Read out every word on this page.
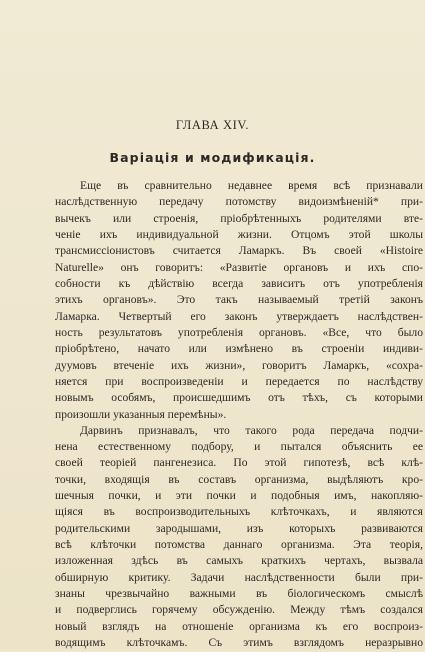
ГЛАВА XIV.
Варіація и модификація.
Еще въ сравнительно недавнее время всѣ признавали
наслѣдственную передачу потомству видоизмѣненій* при-
вычекъ или строенія, пріобрѣтенныхъ родителями вте-
ченіе ихъ индивидуальной жизни. Отцомъ этой школы
трансмиссіонистовъ считается Ламаркъ. Въ своей «Histoire
Naturelle» онъ говоритъ: «Развитіе органовъ и ихъ спо-
собности къ дѣйствію всегда зависитъ отъ употребленія
этихъ органовъ». Это такъ называемый третій законъ
Ламарка. Четвертый его законъ утверждаетъ наслѣдствен-
ность результатовъ употребленія органовъ. «Все, что было
пріобрѣтено, начато или измѣнено въ строеніи индиви-
дуумовъ втеченіе ихъ жизни», говоритъ Ламаркъ, «сохра-
няется при воспроизведеніи и передается по наслѣдству
новымъ особямъ, происшедшимъ отъ тѣхъ, съ которыми
произошли указанныя перемѣны».
Дарвинъ признавалъ, что такого рода передача подчи-
нена естественному подбору, и пытался объяснить ее
своей теоріей пангенезиса. По этой гипотезѣ, всѣ клѣ-
точки, входящія въ составъ организма, выдѣляютъ кро-
шечныя почки, и эти почки и подобныя имъ, накопляю-
щіяся въ воспроизводительныхъ клѣточкахъ, и являются
родительскими зародышами, изъ которыхъ развиваются
всѣ клѣточки потомства даннаго организма. Эта теорія,
изложенная здѣсь въ самыхъ краткихъ чертахъ, вызвала
обширную критику. Задачи наслѣдственности были при-
знаны чрезвычайно важными въ біологическомъ смыслѣ
и подверглись горячему обсужденію. Между тѣмъ создался
новый взглядъ на отношеніе организма къ его воспроиз-
водящимъ клѣточкамъ. Съ этимъ взглядомъ неразрывно
